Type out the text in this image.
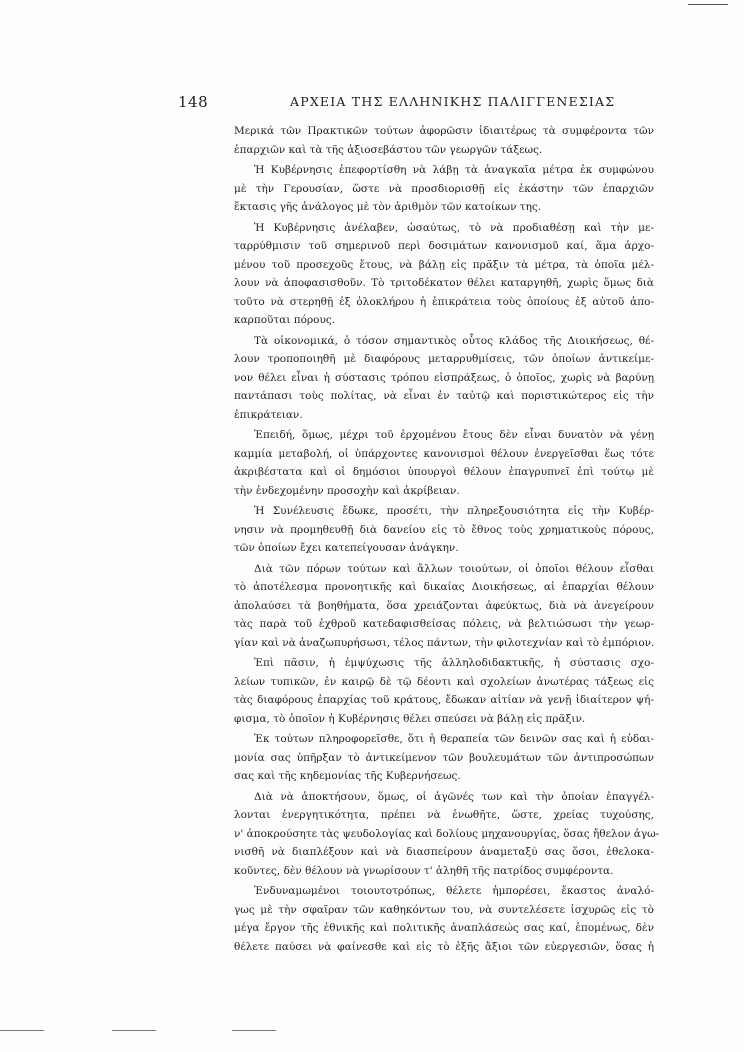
148	ΑΡΧΕΙΑ ΤΗΣ ΕΛΛΗΝΙΚΗΣ ΠΑΛΙΓΓΕΝΕΣΙΑΣ
Μερικά τῶν Πρακτικῶν τούτων ἀφορῶσιν ἰδιαιτέρως τὰ συμφέροντα τῶν
ἐπαρχιῶν καὶ τὰ τῆς ἀξιοσεβάστου τῶν γεωργῶν τάξεως.
Ἡ Κυβέρνησις ἐπεφορτίσθη νὰ λάβῃ τὰ ἀναγκαῖα μέτρα ἐκ συμφώνου
μὲ τὴν Γερουσίαν, ὥστε νὰ προσδιορισθῇ εἰς ἑκάστην τῶν ἐπαρχιῶν
ἔκτασις γῆς ἀνάλογος μὲ τὸν ἀριθμὸν τῶν κατοίκων της.
Ἡ Κυβέρνησις ἀνέλαβεν, ὡσαύτως, τὸ νὰ προδιαθέσῃ καὶ τὴν με-
ταρρύθμισιν τοῦ σημερινοῦ περὶ δοσιμάτων κανονισμοῦ καί, ἅμα ἀρχο-
μένου τοῦ προσεχοῦς ἔτους, νὰ βάλῃ εἰς πρᾶξιν τὰ μέτρα, τὰ ὁποῖα μέλ-
λουν νὰ ἀποφασισθοῦν. Τὸ τριτοδέκατον θέλει καταργηθῆ, χωρὶς ὅμως διὰ
τοῦτο νὰ στερηθῇ ἐξ ὁλοκλήρου ἡ ἐπικράτεια τοὺς ὁποίους ἐξ αὐτοῦ ἀπο-
καρποῦται πόρους.
Τὰ οἰκονομικά, ὁ τόσον σημαντικὸς οὗτος κλάδος τῆς Διοικήσεως, θέ-
λουν τροποποιηθῆ μὲ διαφόρους μεταρρυθμίσεις, τῶν ὁποίων ἀντικείμε-
νον θέλει εἶναι ἡ σύστασις τρόπου εἰσπράξεως, ὁ ὁποῖος, χωρὶς νὰ βαρύνῃ
παντάπασι τοὺς πολίτας, νὰ εἶναι ἐν ταὐτῷ καὶ ποριστικώτερος εἰς τὴν
ἐπικράτειαν.
Ἐπειδή, ὅμως, μέχρι τοῦ ἐρχομένου ἔτους δὲν εἶναι δυνατὸν νὰ γένῃ
καμμία μεταβολή, οἱ ὑπάρχοντες κανονισμοὶ θέλουν ἐνεργεῖσθαι ἕως τότε
ἀκριβέστατα καὶ οἱ δημόσιοι ὑπουργοὶ θέλουν ἐπαγρυπνεῖ ἐπὶ τούτῳ μὲ
τὴν ἐνδεχομένην προσοχὴν καὶ ἀκρίβειαν.
Ἡ Συνέλευσις ἔδωκε, προσέτι, τὴν πληρεξουσιότητα εἰς τὴν Κυβέρ-
νησιν νὰ προμηθευθῇ διὰ δανείου εἰς τὸ ἔθνος τοὺς χρηματικοὺς πόρους,
τῶν ὁποίων ἔχει κατεπείγουσαν ἀνάγκην.
Διὰ τῶν πόρων τούτων καὶ ἄλλων τοιούτων, οἱ ὁποῖοι θέλουν εἶσθαι
τὸ ἀποτέλεσμα προνοητικῆς καὶ δικαίας Διοικήσεως, αἱ ἐπαρχίαι θέλουν
ἀπολαύσει τὰ βοηθήματα, ὅσα χρειάζονται ἀφεύκτως, διὰ νὰ ἀνεγείρουν
τὰς παρὰ τοῦ ἐχθροῦ κατεδαφισθείσας πόλεις, νὰ βελτιώσωσι τὴν γεωρ-
γίαν καὶ νὰ ἀναζωπυρήσωσι, τέλος πάντων, τὴν φιλοτεχνίαν καὶ τὸ ἐμπόριον.
Ἐπὶ πᾶσιν, ἡ ἐμψύχωσις τῆς ἀλληλοδιδακτικῆς, ἡ σύστασις σχο-
λείων τυπικῶν, ἐν καιρῷ δὲ τῷ δέοντι καὶ σχολείων ἀνωτέρας τάξεως εἰς
τὰς διαφόρους ἐπαρχίας τοῦ κράτους, ἔδωκαν αἰτίαν νὰ γενῇ ἰδιαίτερον ψή-
φισμα, τὸ ὁποῖον ἡ Κυβέρνησις θέλει σπεύσει νὰ βάλῃ εἰς πρᾶξιν.
Ἐκ τούτων πληροφορεῖσθε, ὅτι ἡ θεραπεία τῶν δεινῶν σας καὶ ἡ εὐδαι-
μονία σας ὑπῆρξαν τὸ ἀντικείμενον τῶν βουλευμάτων τῶν ἀντιπροσώπων
σας καὶ τῆς κηδεμονίας τῆς Κυβερνήσεως.
Διὰ νὰ ἀποκτήσουν, ὅμως, οἱ ἀγῶνές των καὶ τὴν ὁποίαν ἐπαγγέλ-
λονται ἐνεργητικότητα, πρέπει νὰ ἑνωθῆτε, ὥστε, χρείας τυχούσης,
ν' ἀποκρούσητε τὰς ψευδολογίας καὶ δολίους μηχανουργίας, ὅσας ἤθελον ἀγω-
νισθῆ νὰ διαπλέξουν καὶ νὰ διασπείρουν ἀναμεταξύ σας ὅσοι, ἐθελοκα-
κοῦντες, δὲν θέλουν νὰ γνωρίσουν τ' ἀληθῆ τῆς πατρίδος συμφέροντα.
Ἐνδυναμωμένοι τοιουτοτρόπως, θέλετε ἠμπορέσει, ἕκαστος ἀναλό-
γως μὲ τὴν σφαῖραν τῶν καθηκόντων του, νὰ συντελέσετε ἰσχυρῶς εἰς τὸ
μέγα ἔργον τῆς ἐθνικῆς καὶ πολιτικῆς ἀναπλάσεώς σας καί, ἑπομένως, δὲν
θέλετε παύσει νὰ φαίνεσθε καὶ εἰς τὸ ἑξῆς ἄξιοι τῶν εὐεργεσιῶν, ὅσας ἡ
